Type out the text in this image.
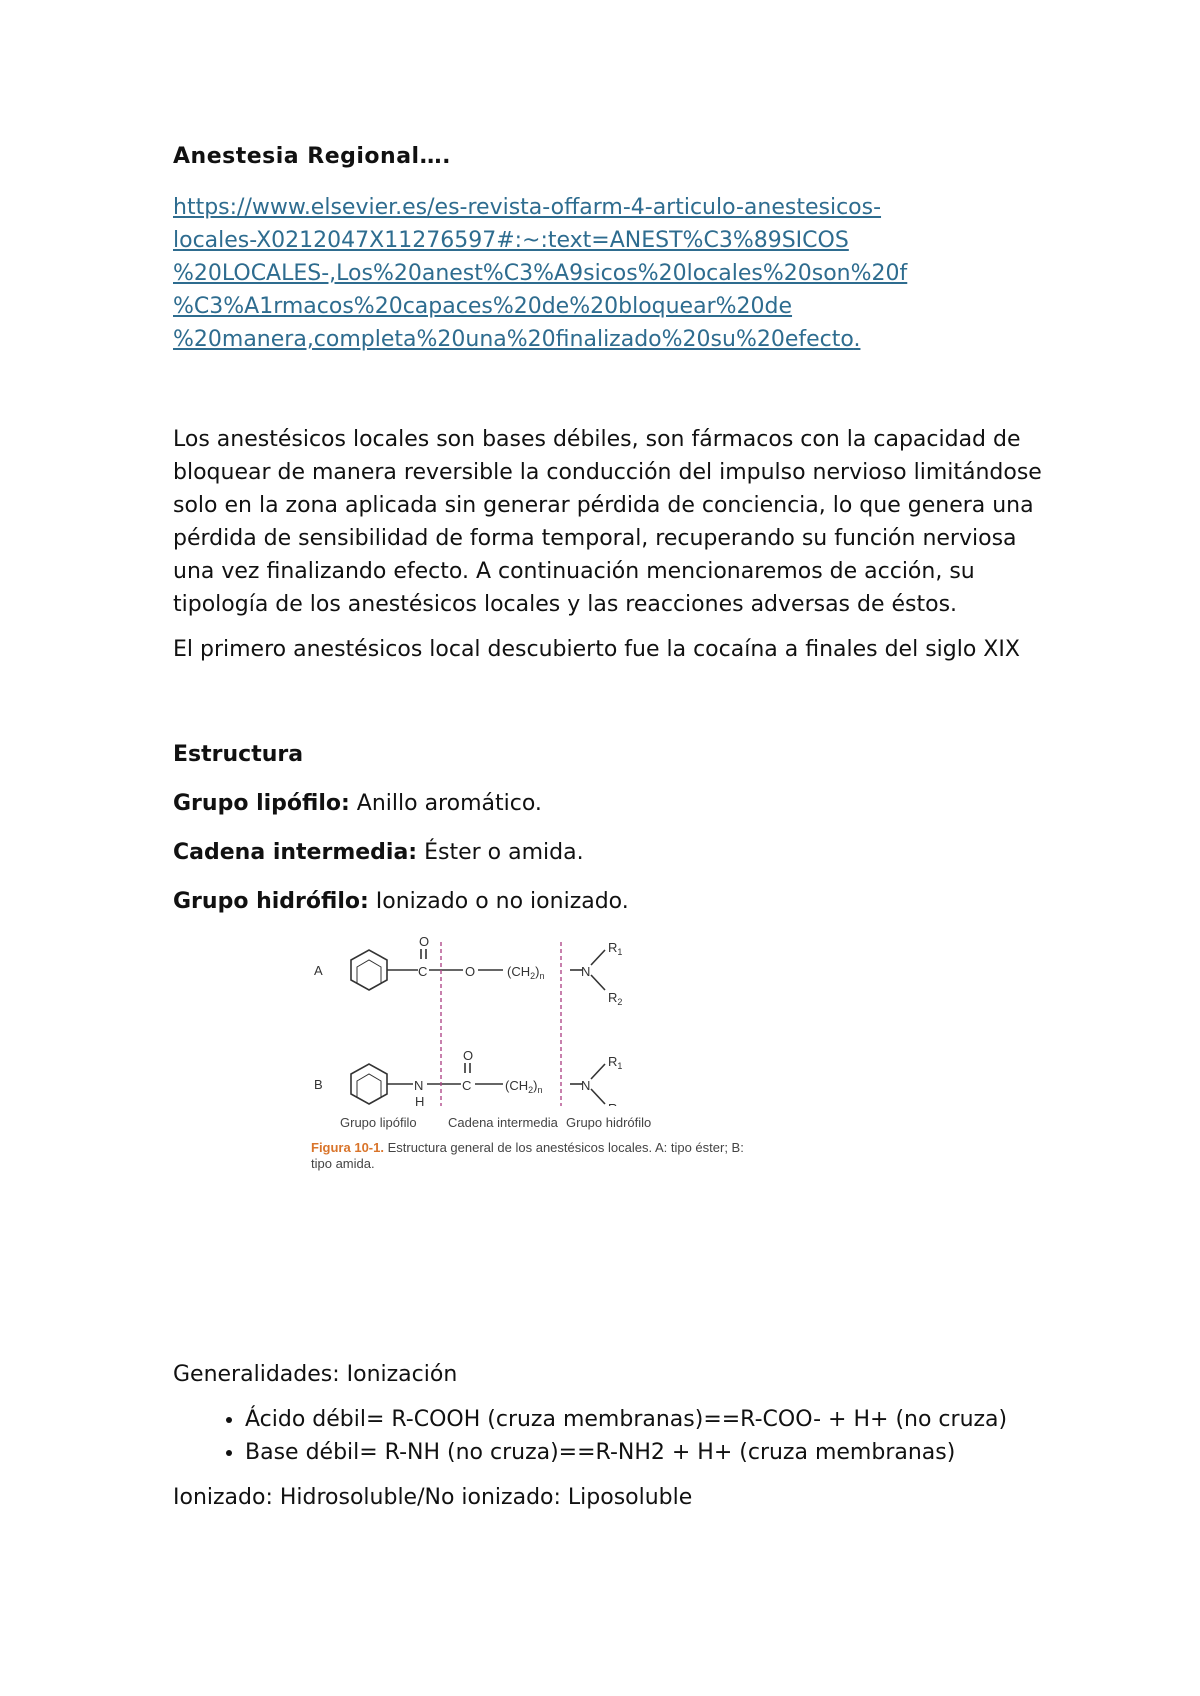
Anestesia Regional….

https://www.elsevier.es/es-revista-offarm-4-articulo-anestesicos-
locales-X0212047X11276597#:~:text=ANEST%C3%89SICOS
%20LOCALES-,Los%20anest%C3%A9sicos%20locales%20son%20f
%C3%A1rmacos%20capaces%20de%20bloquear%20de
%20manera,completa%20una%20finalizado%20su%20efecto.

Los anestésicos locales son bases débiles, son fármacos con la capacidad de bloquear de manera reversible la conducción del impulso nervioso limitándose solo en la zona aplicada sin generar pérdida de conciencia, lo que genera una pérdida de sensibilidad de forma temporal, recuperando su función nerviosa una vez finalizando efecto. A continuación mencionaremos de acción, su tipología de los anestésicos locales y las reacciones adversas de éstos.

El primero anestésicos local descubierto fue la cocaína a finales del siglo XIX

Estructura

Grupo lipófilo: Anillo aromático.

Cadena intermedia: Éster o amida.

Grupo hidrófilo: Ionizado o no ionizado.

A
O
C	O $(CH_2)_n$	N
$R_1$
$R_2$
B	N
H
O
C	$(CH_2)_n$	N
$R_1$
Grupo lipófilo Cadena intermedia Grupo hidrófilo
Figura 10-1. Estructura general de los anestésicos locales. A: tipo éster; B: tipo amida.

Generalidades: Ionización

• Ácido débil= R-COOH (cruza membranas)==R-COO- + H+ (no cruza)
• Base débil= R-NH (no cruza)==R-NH2 + H+ (cruza membranas)

Ionizado: Hidrosoluble/No ionizado: Liposoluble
